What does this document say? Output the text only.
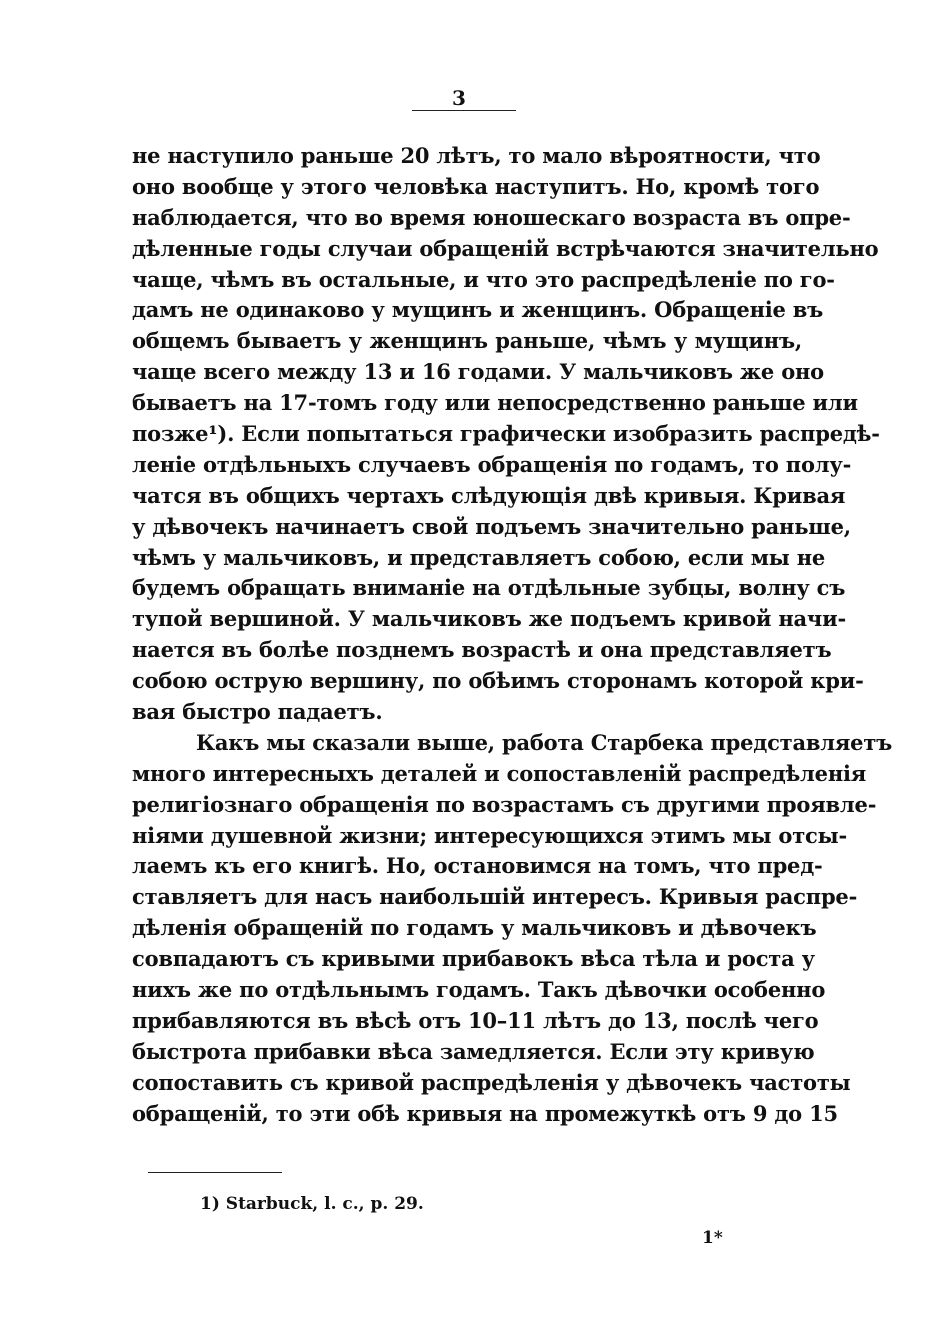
3
не наступило раньше 20 лѣтъ, то мало вѣроятности, что
оно вообще у этого человѣка наступитъ. Но, кромѣ того
наблюдается, что во время юношескаго возраста въ опре-
дѣленные годы случаи обращеній встрѣчаются значительно
чаще, чѣмъ въ остальные, и что это распредѣленіе по го-
дамъ не одинаково у мущинъ и женщинъ. Обращеніе въ
общемъ бываетъ у женщинъ раньше, чѣмъ у мущинъ,
чаще всего между 13 и 16 годами. У мальчиковъ же оно
бываетъ на 17-томъ году или непосредственно раньше или
позже¹). Если попытаться графически изобразить распредѣ-
леніе отдѣльныхъ случаевъ обращенія по годамъ, то полу-
чатся въ общихъ чертахъ слѣдующія двѣ кривыя. Кривая
у дѣвочекъ начинаетъ свой подъемъ значительно раньше,
чѣмъ у мальчиковъ, и представляетъ собою, если мы не
будемъ обращать вниманіе на отдѣльные зубцы, волну съ
тупой вершиной. У мальчиковъ же подъемъ кривой начи-
нается въ болѣе позднемъ возрастѣ и она представляетъ
собою острую вершину, по обѣимъ сторонамъ которой кри-
вая быстро падаетъ.
Какъ мы сказали выше, работа Старбека представляетъ
много интересныхъ деталей и сопоставленій распредѣленія
религіознаго обращенія по возрастамъ съ другими проявле-
ніями душевной жизни; интересующихся этимъ мы отсы-
лаемъ къ его книгѣ. Но, остановимся на томъ, что пред-
ставляетъ для насъ наибольшій интересъ. Кривыя распре-
дѣленія обращеній по годамъ у мальчиковъ и дѣвочекъ
совпадаютъ съ кривыми прибавокъ вѣса тѣла и роста у
нихъ же по отдѣльнымъ годамъ. Такъ дѣвочки особенно
прибавляются въ вѣсѣ отъ 10–11 лѣтъ до 13, послѣ чего
быстрота прибавки вѣса замедляется. Если эту кривую
сопоставить съ кривой распредѣленія у дѣвочекъ частоты
обращеній, то эти обѣ кривыя на промежуткѣ отъ 9 до 15
1) Starbuck, l. c., p. 29.
1*
